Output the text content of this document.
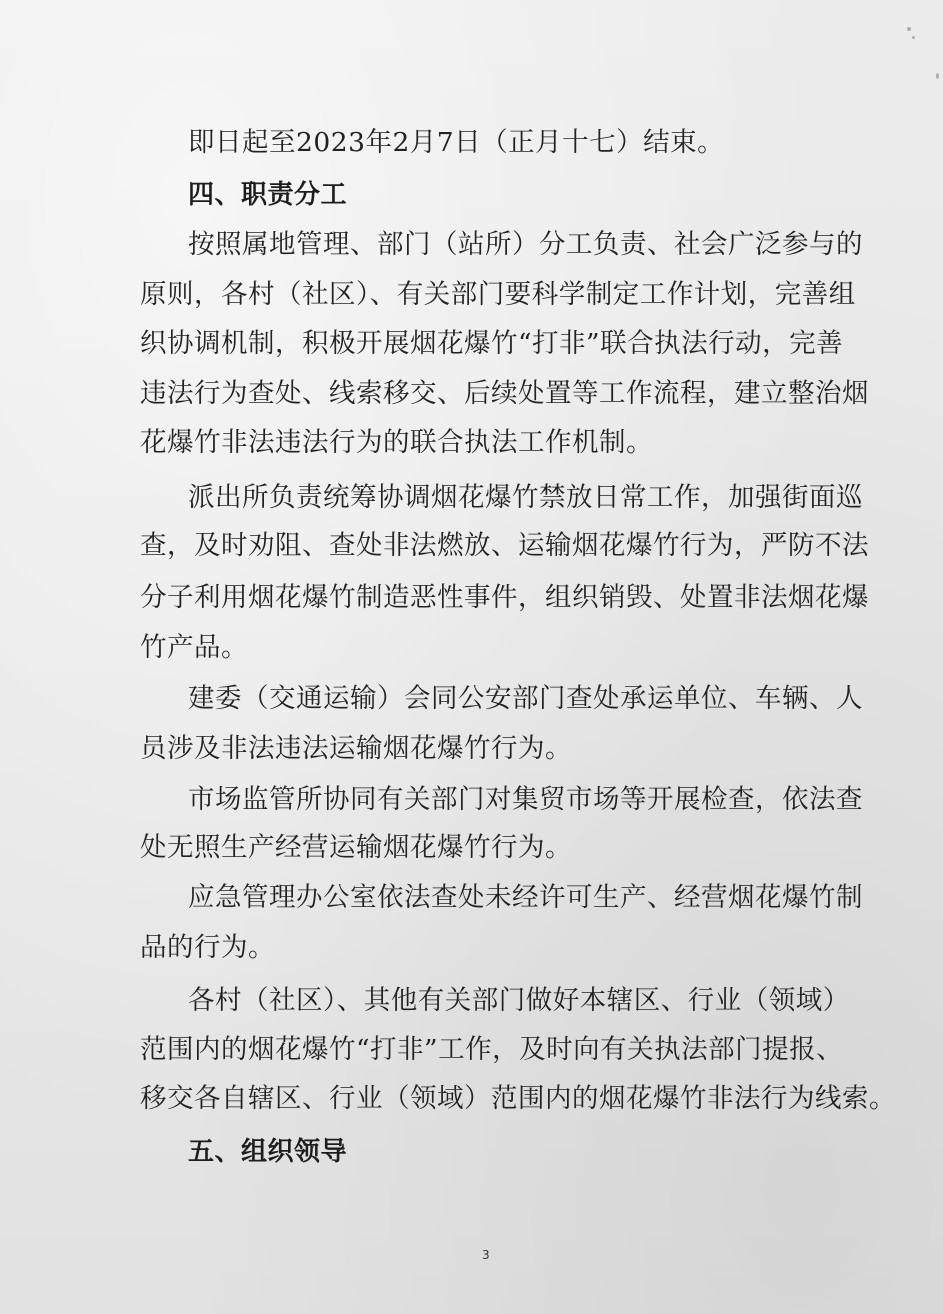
即日起至2023年2月7日（正月十七）结束。
四、职责分工
按照属地管理、部门（站所）分工负责、社会广泛参与的
原则，各村（社区）、有关部门要科学制定工作计划，完善组
织协调机制，积极开展烟花爆竹“打非”联合执法行动，完善
违法行为查处、线索移交、后续处置等工作流程，建立整治烟
花爆竹非法违法行为的联合执法工作机制。
派出所负责统筹协调烟花爆竹禁放日常工作，加强街面巡
查，及时劝阻、查处非法燃放、运输烟花爆竹行为，严防不法
分子利用烟花爆竹制造恶性事件，组织销毁、处置非法烟花爆
竹产品。
建委（交通运输）会同公安部门查处承运单位、车辆、人
员涉及非法违法运输烟花爆竹行为。
市场监管所协同有关部门对集贸市场等开展检查，依法查
处无照生产经营运输烟花爆竹行为。
应急管理办公室依法查处未经许可生产、经营烟花爆竹制
品的行为。
各村（社区）、其他有关部门做好本辖区、行业（领域）
范围内的烟花爆竹“打非”工作，及时向有关执法部门提报、
移交各自辖区、行业（领域）范围内的烟花爆竹非法行为线索。
五、组织领导
3
